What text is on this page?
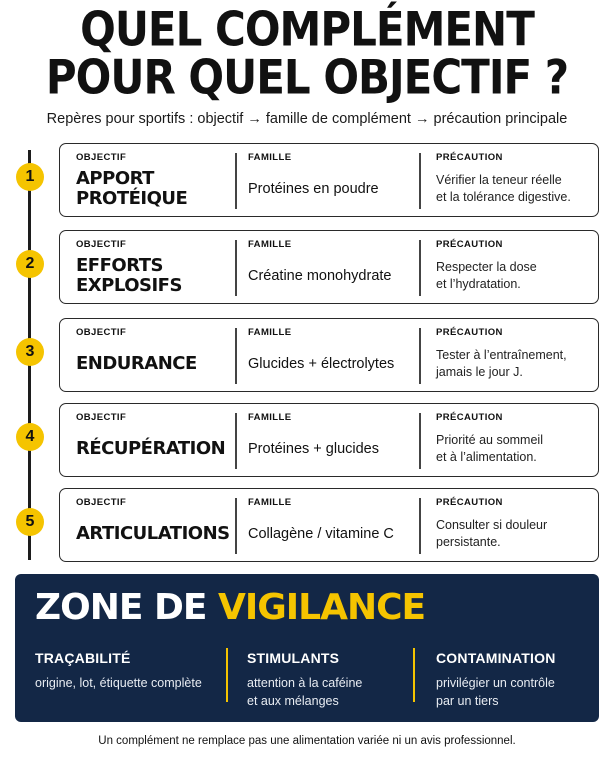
QUEL COMPLÉMENT
POUR QUEL OBJECTIF ?
Repères pour sportifs : objectif → famille de complément → précaution principale
1
OBJECTIF	FAMILLE	PRÉCAUTION
APPORT
PROTÉIQUE	Protéines en poudre
Vérifier la teneur réelle
et la tolérance digestive.
2
OBJECTIF	FAMILLE	PRÉCAUTION
EFFORTS
EXPLOSIFS	Créatine monohydrate
Respecter la dose
et l’hydratation.
3
OBJECTIF	FAMILLE	PRÉCAUTION
ENDURANCE	Glucides + électrolytes
Tester à l’entraînement,
jamais le jour J.
4
OBJECTIF	FAMILLE	PRÉCAUTION
RÉCUPÉRATION	Protéines + glucides
Priorité au sommeil
et à l’alimentation.
5
OBJECTIF	FAMILLE	PRÉCAUTION
ARTICULATIONS	Collagène / vitamine C
Consulter si douleur
persistante.
ZONE DE VIGILANCE
TRAÇABILITÉ
origine, lot, étiquette complète
STIMULANTS
attention à la caféine
et aux mélanges
CONTAMINATION
privilégier un contrôle
par un tiers
Un complément ne remplace pas une alimentation variée ni un avis professionnel.
